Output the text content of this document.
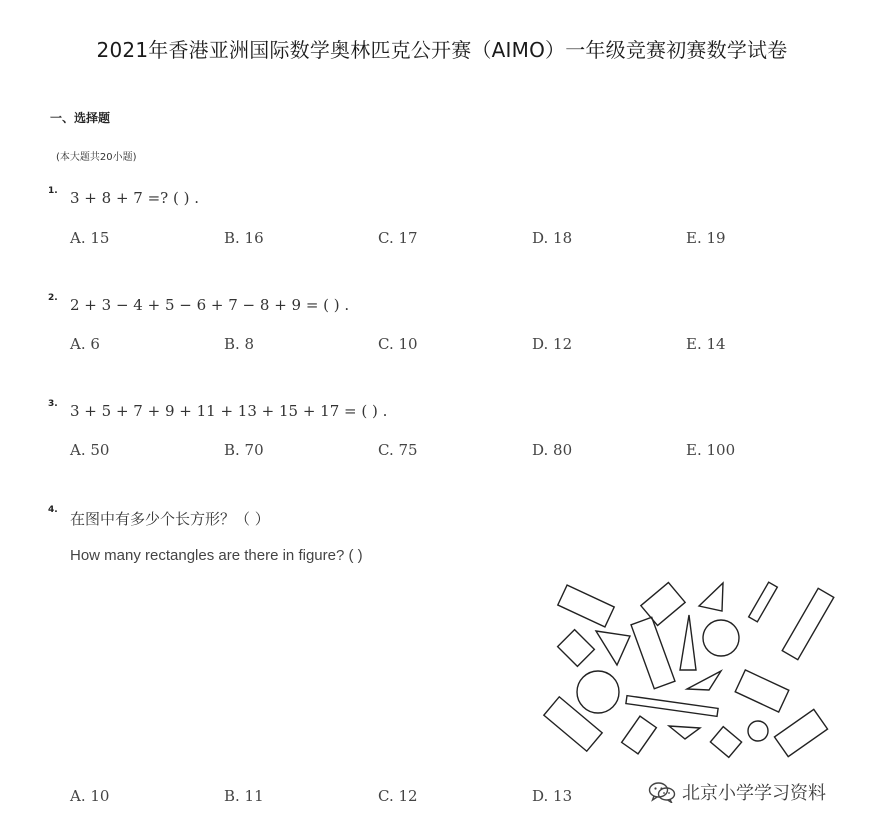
2021年香港亚洲国际数学奥林匹克公开赛（AIMO）一年级竞赛初赛数学试卷
一、选择题
(本大题共20小题)
1. 3 + 8 + 7 =? ( ) .
A. 15	B. 16	C. 17	D. 18	E. 19
2. 2 + 3 − 4 + 5 − 6 + 7 − 8 + 9 = ( ) .
A. 6	B. 8	C. 10	D. 12	E. 14
3. 3 + 5 + 7 + 9 + 11 + 13 + 15 + 17 = ( ) .
A. 50	B. 70	C. 75	D. 80	E. 100
4. 在图中有多少个长方形？（ ）
How many rectangles are there in figure? ( )
A. 10	B. 11	C. 12	D. 13	北京小学学习资料
